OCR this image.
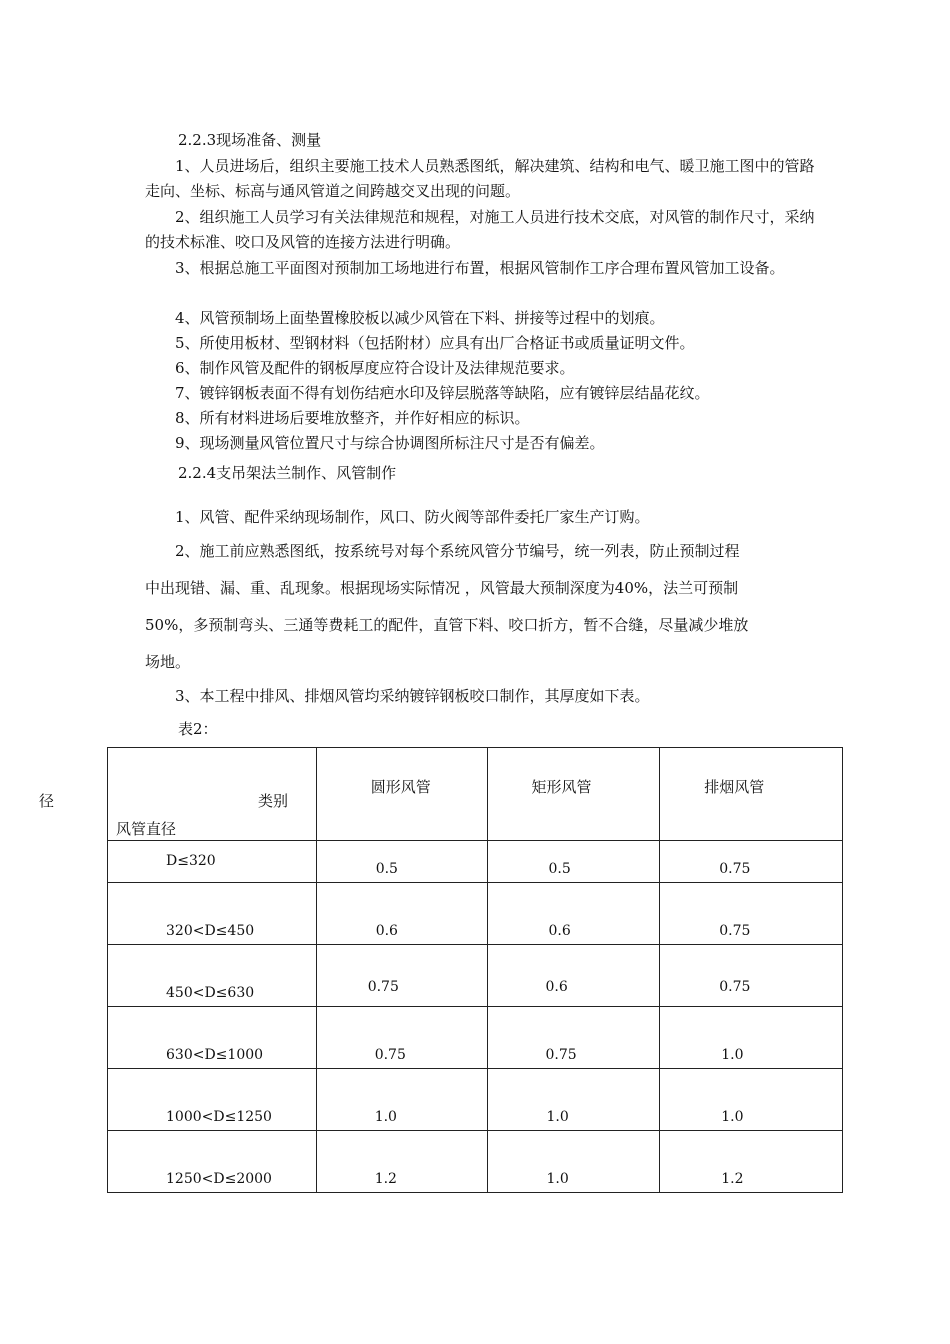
2.2.3现场准备、测量
1、人员进场后，组织主要施工技术人员熟悉图纸，解决建筑、结构和电气、暖卫施工图中的管路走向、坐标、标高与通风管道之间跨越交叉出现的问题。
2、组织施工人员学习有关法律规范和规程，对施工人员进行技术交底，对风管的制作尺寸，采纳的技术标准、咬口及风管的连接方法进行明确。
3、根据总施工平面图对预制加工场地进行布置，根据风管制作工序合理布置风管加工设备。
4、风管预制场上面垫置橡胶板以减少风管在下料、拼接等过程中的划痕。
5、所使用板材、型钢材料（包括附材）应具有出厂合格证书或质量证明文件。
6、制作风管及配件的钢板厚度应符合设计及法律规范要求。
7、镀锌钢板表面不得有划伤结疤水印及锌层脱落等缺陷，应有镀锌层结晶花纹。
8、所有材料进场后要堆放整齐，并作好相应的标识。
9、现场测量风管位置尺寸与综合协调图所标注尺寸是否有偏差。
2.2.4支吊架法兰制作、风管制作
1、风管、配件采纳现场制作，风口、防火阀等部件委托厂家生产订购。
2、施工前应熟悉图纸，按系统号对每个系统风管分节编号，统一列表，防止预制过程
中出现错、漏、重、乱现象。根据现场实际情况 ，风管最大预制深度为40%，法兰可预制
50%，多预制弯头、三通等费耗工的配件，直管下料、咬口折方，暂不合缝，尽量减少堆放
场地。
3、本工程中排风、排烟风管均采纳镀锌钢板咬口制作，其厚度如下表。
表2：
径	类别
风管直径	圆形风管	矩形风管	排烟风管

D≤320	0.5	0.5	0.75

320<D≤450	0.6	0.6	0.75

450<D≤630	0.75	0.6	0.75

630<D≤1000	0.75	0.75	1.0

1000<D≤1250	1.0	1.0	1.0

1250<D≤2000	1.2	1.0	1.2
